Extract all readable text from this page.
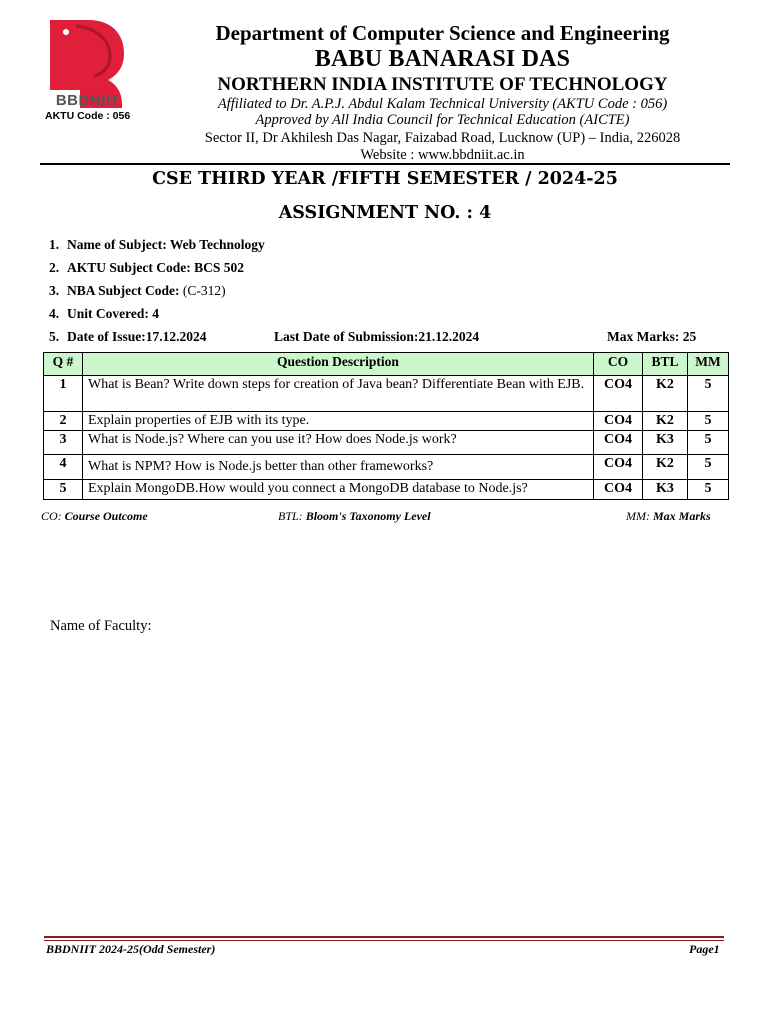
BBDNIIT
AKTU Code : 056
Department of Computer Science and Engineering
BABU BANARASI DAS
NORTHERN INDIA INSTITUTE OF TECHNOLOGY
Affiliated to Dr. A.P.J. Abdul Kalam Technical University (AKTU Code : 056)
Approved by All India Council for Technical Education (AICTE)
Sector II, Dr Akhilesh Das Nagar, Faizabad Road, Lucknow (UP) – India, 226028
Website : www.bbdniit.ac.in
CSE THIRD YEAR /FIFTH SEMESTER / 2024-25
ASSIGNMENT NO. : 4
1. Name of Subject: Web Technology
2. AKTU Subject Code: BCS 502
3. NBA Subject Code: (C-312)
4. Unit Covered: 4
5. Date of Issue:17.12.2024	Last Date of Submission:21.12.2024	Max Marks: 25
Q #	Question Description	CO	BTL	MM
1	What is Bean? Write down steps for creation of Java bean? Differentiate Bean with EJB.	CO4	K2	5
2	Explain properties of EJB with its type.	CO4	K2	5
3	What is Node.js? Where can you use it? How does Node.js work?	CO4	K3	5
4	What is NPM? How is Node.js better than other frameworks?	CO4	K2	5
5	Explain MongoDB.How would you connect a MongoDB database to Node.js?	CO4	K3	5
CO: Course Outcome	BTL: Bloom's Taxonomy Level	MM: Max Marks
Name of Faculty:
BBDNIIT 2024-25(Odd Semester)	Page1
